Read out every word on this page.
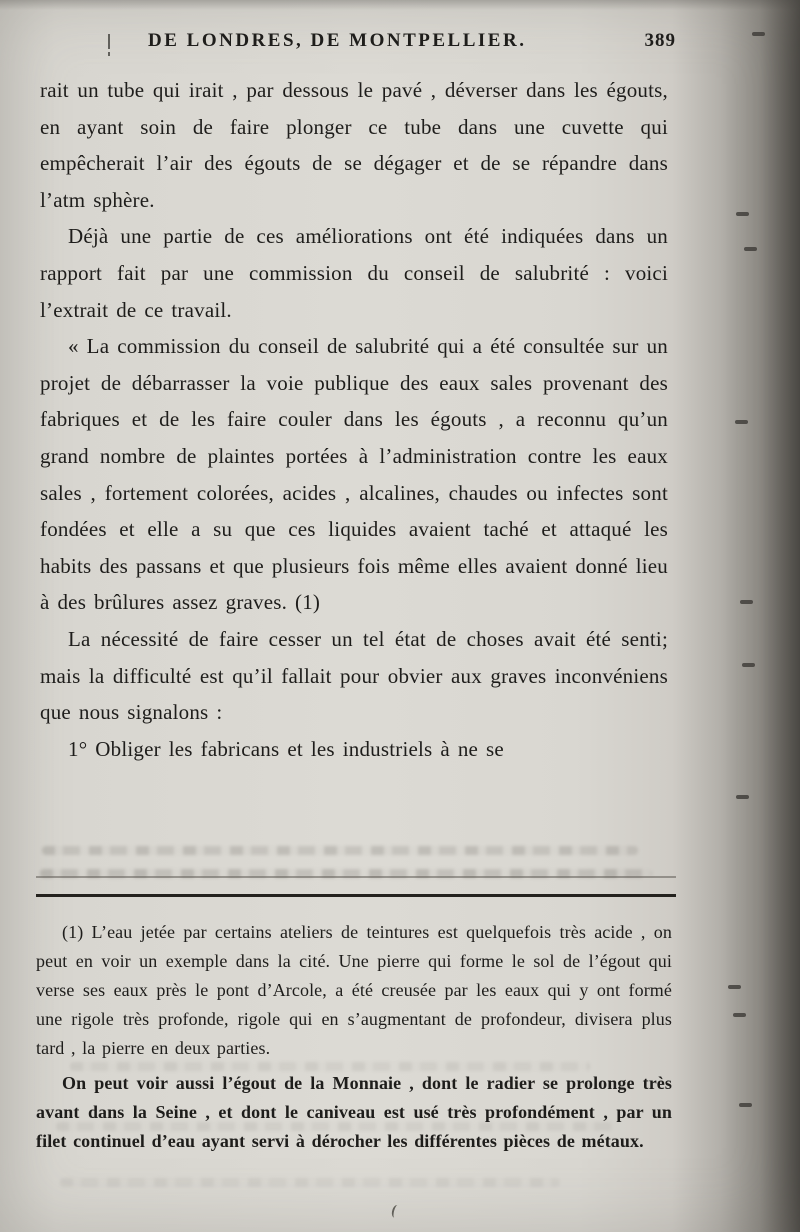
DE LONDRES, DE MONTPELLIER.	389

rait un tube qui irait , par dessous le pavé , déverser dans les égouts, en ayant soin de faire plonger ce tube dans une cuvette qui empêcherait l’air des égouts de se dégager et de se répandre dans l’atm sphère.

Déjà une partie de ces améliorations ont été indiquées dans un rapport fait par une commission du conseil de salubrité : voici l’extrait de ce travail.

« La commission du conseil de salubrité qui a été consultée sur un projet de débarrasser la voie publique des eaux sales provenant des fabriques et de les faire couler dans les égouts , a reconnu qu’un grand nombre de plaintes portées à l’administration contre les eaux sales , fortement colorées, acides , alcalines, chaudes ou infectes sont fondées et elle a su que ces liquides avaient taché et attaqué les habits des passans et que plusieurs fois même elles avaient donné lieu à des brûlures assez graves. (1)

La nécessité de faire cesser un tel état de choses avait été senti; mais la difficulté est qu’il fallait pour obvier aux graves inconvéniens que nous signalons :

1° Obliger les fabricans et les industriels à ne se

(1) L’eau jetée par certains ateliers de teintures est quelquefois très acide , on peut en voir un exemple dans la cité. Une pierre qui forme le sol de l’égout qui verse ses eaux près le pont d’Arcole, a été creusée par les eaux qui y ont formé une rigole très profonde, rigole qui en s’augmentant de profondeur, divisera plus tard , la pierre en deux parties.

On peut voir aussi l’égout de la Monnaie , dont le radier se prolonge très avant dans la Seine , et dont le caniveau est usé très profondément , par un filet continuel d’eau ayant servi à dérocher les différentes pièces de métaux.
